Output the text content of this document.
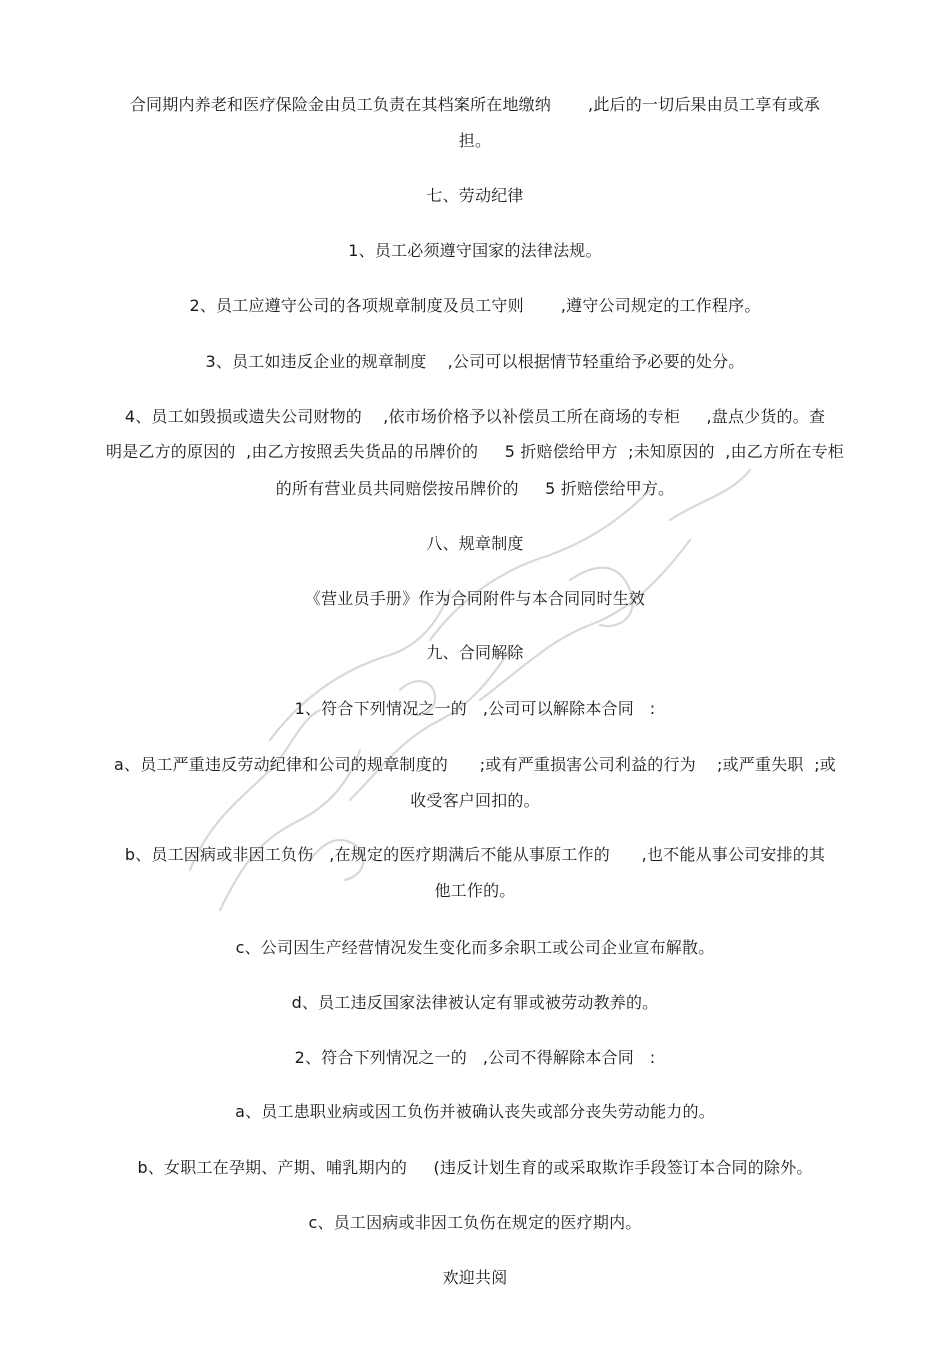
合同期内养老和医疗保险金由员工负责在其档案所在地缴纳       ,此后的一切后果由员工享有或承
担。
七、劳动纪律
1、员工必须遵守国家的法律法规。
2、员工应遵守公司的各项规章制度及员工守则       ,遵守公司规定的工作程序。
3、员工如违反企业的规章制度    ,公司可以根据情节轻重给予必要的处分。
4、员工如毁损或遗失公司财物的    ,依市场价格予以补偿员工所在商场的专柜     ,盘点少货的。查
明是乙方的原因的  ,由乙方按照丢失货品的吊牌价的     5 折赔偿给甲方  ;未知原因的  ,由乙方所在专柜
的所有营业员共同赔偿按吊牌价的     5 折赔偿给甲方。
八、规章制度
《营业员手册》作为合同附件与本合同同时生效
九、合同解除
1、符合下列情况之一的   ,公司可以解除本合同   :
a、员工严重违反劳动纪律和公司的规章制度的      ;或有严重损害公司利益的行为    ;或严重失职  ;或
收受客户回扣的。
b、员工因病或非因工负伤   ,在规定的医疗期满后不能从事原工作的      ,也不能从事公司安排的其
他工作的。
c、公司因生产经营情况发生变化而多余职工或公司企业宣布解散。
d、员工违反国家法律被认定有罪或被劳动教养的。
2、符合下列情况之一的   ,公司不得解除本合同   :
a、员工患职业病或因工负伤并被确认丧失或部分丧失劳动能力的。
b、女职工在孕期、产期、哺乳期内的     (违反计划生育的或采取欺诈手段签订本合同的除外。
c、员工因病或非因工负伤在规定的医疗期内。
欢迎共阅
